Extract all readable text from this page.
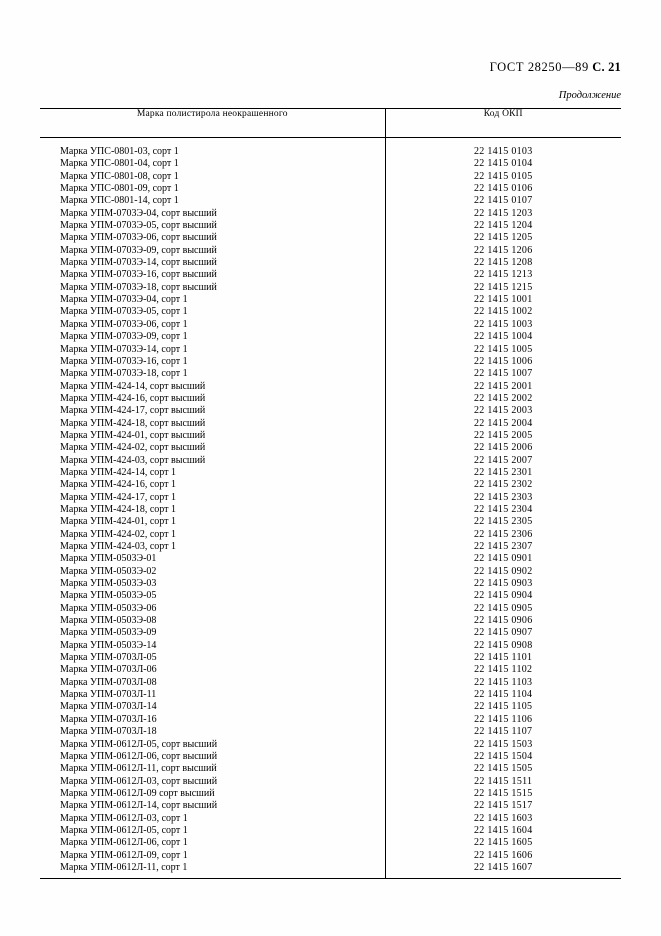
ГОСТ 28250—89 С. 21
Продолжение
Марка полистирола неокрашенного	Код ОКП
Марка УПС-0801-03, сорт 1	22 1415 0103
Марка УПС-0801-04, сорт 1	22 1415 0104
Марка УПС-0801-08, сорт 1	22 1415 0105
Марка УПС-0801-09, сорт 1	22 1415 0106
Марка УПС-0801-14, сорт 1	22 1415 0107
Марка УПМ-0703Э-04, сорт высший	22 1415 1203
Марка УПМ-0703Э-05, сорт высший	22 1415 1204
Марка УПМ-0703Э-06, сорт высший	22 1415 1205
Марка УПМ-0703Э-09, сорт высший	22 1415 1206
Марка УПМ-0703Э-14, сорт высший	22 1415 1208
Марка УПМ-0703Э-16, сорт высший	22 1415 1213
Марка УПМ-0703Э-18, сорт высший	22 1415 1215
Марка УПМ-0703Э-04, сорт 1	22 1415 1001
Марка УПМ-0703Э-05, сорт 1	22 1415 1002
Марка УПМ-0703Э-06, сорт 1	22 1415 1003
Марка УПМ-0703Э-09, сорт 1	22 1415 1004
Марка УПМ-0703Э-14, сорт 1	22 1415 1005
Марка УПМ-0703Э-16, сорт 1	22 1415 1006
Марка УПМ-0703Э-18, сорт 1	22 1415 1007
Марка УПМ-424-14, сорт высший	22 1415 2001
Марка УПМ-424-16, сорт высший	22 1415 2002
Марка УПМ-424-17, сорт высший	22 1415 2003
Марка УПМ-424-18, сорт высший	22 1415 2004
Марка УПМ-424-01, сорт высший	22 1415 2005
Марка УПМ-424-02, сорт высший	22 1415 2006
Марка УПМ-424-03, сорт высший	22 1415 2007
Марка УПМ-424-14, сорт 1	22 1415 2301
Марка УПМ-424-16, сорт 1	22 1415 2302
Марка УПМ-424-17, сорт 1	22 1415 2303
Марка УПМ-424-18, сорт 1	22 1415 2304
Марка УПМ-424-01, сорт 1	22 1415 2305
Марка УПМ-424-02, сорт 1	22 1415 2306
Марка УПМ-424-03, сорт 1	22 1415 2307
Марка УПМ-0503Э-01	22 1415 0901
Марка УПМ-0503Э-02	22 1415 0902
Марка УПМ-0503Э-03	22 1415 0903
Марка УПМ-0503Э-05	22 1415 0904
Марка УПМ-0503Э-06	22 1415 0905
Марка УПМ-0503Э-08	22 1415 0906
Марка УПМ-0503Э-09	22 1415 0907
Марка УПМ-0503Э-14	22 1415 0908
Марка УПМ-0703Л-05	22 1415 1101
Марка УПМ-0703Л-06	22 1415 1102
Марка УПМ-0703Л-08	22 1415 1103
Марка УПМ-0703Л-11	22 1415 1104
Марка УПМ-0703Л-14	22 1415 1105
Марка УПМ-0703Л-16	22 1415 1106
Марка УПМ-0703Л-18	22 1415 1107
Марка УПМ-0612Л-05, сорт высший	22 1415 1503
Марка УПМ-0612Л-06, сорт высший	22 1415 1504
Марка УПМ-0612Л-11, сорт высший	22 1415 1505
Марка УПМ-0612Л-03, сорт высший	22 1415 1511
Марка УПМ-0612Л-09 сорт высший	22 1415 1515
Марка УПМ-0612Л-14, сорт высший	22 1415 1517
Марка УПМ-0612Л-03, сорт 1	22 1415 1603
Марка УПМ-0612Л-05, сорт 1	22 1415 1604
Марка УПМ-0612Л-06, сорт 1	22 1415 1605
Марка УПМ-0612Л-09, сорт 1	22 1415 1606
Марка УПМ-0612Л-11, сорт 1	22 1415 1607
